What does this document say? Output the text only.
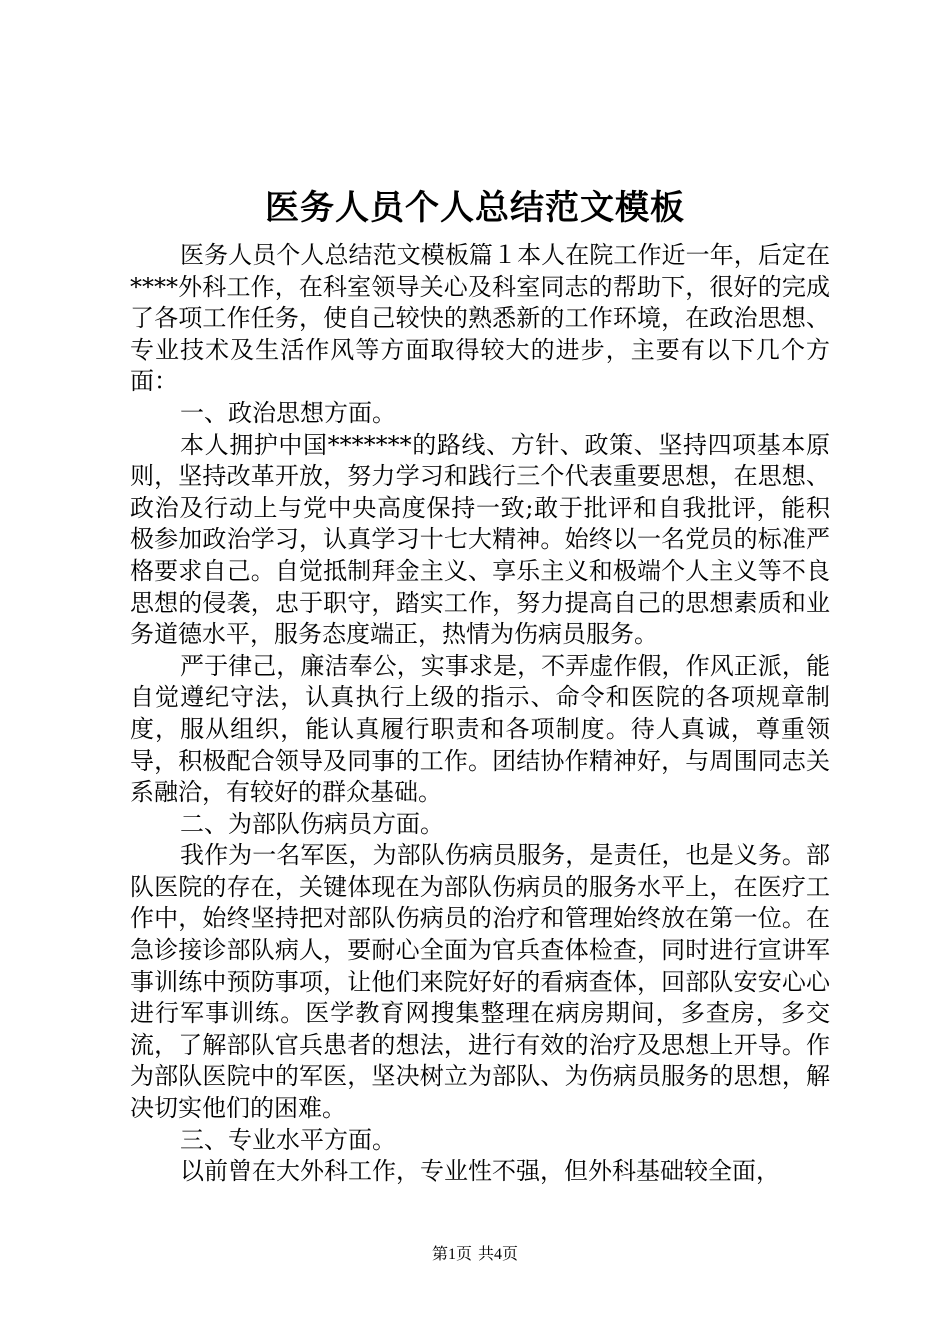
医务人员个人总结范文模板

医务人员个人总结范文模板篇１本人在院工作近一年，后定在****外科工作，在科室领导关心及科室同志的帮助下，很好的完成了各项工作任务，使自己较快的熟悉新的工作环境，在政治思想、专业技术及生活作风等方面取得较大的进步，主要有以下几个方面：

一、政治思想方面。

本人拥护中国*******的路线、方针、政策、坚持四项基本原则，坚持改革开放，努力学习和践行三个代表重要思想，在思想、政治及行动上与党中央高度保持一致;敢于批评和自我批评，能积极参加政治学习，认真学习十七大精神。始终以一名党员的标准严格要求自己。自觉抵制拜金主义、享乐主义和极端个人主义等不良思想的侵袭，忠于职守，踏实工作，努力提高自己的思想素质和业务道德水平，服务态度端正，热情为伤病员服务。

严于律己，廉洁奉公，实事求是，不弄虚作假，作风正派，能自觉遵纪守法，认真执行上级的指示、命令和医院的各项规章制度，服从组织，能认真履行职责和各项制度。待人真诚，尊重领导，积极配合领导及同事的工作。团结协作精神好，与周围同志关系融洽，有较好的群众基础。

二、为部队伤病员方面。

我作为一名军医，为部队伤病员服务，是责任，也是义务。部队医院的存在，关键体现在为部队伤病员的服务水平上，在医疗工作中，始终坚持把对部队伤病员的治疗和管理始终放在第一位。在急诊接诊部队病人，要耐心全面为官兵查体检查，同时进行宣讲军事训练中预防事项，让他们来院好好的看病查体，回部队安安心心进行军事训练。医学教育网搜集整理在病房期间，多查房，多交流，了解部队官兵患者的想法，进行有效的治疗及思想上开导。作为部队医院中的军医，坚决树立为部队、为伤病员服务的思想，解决切实他们的困难。

三、专业水平方面。

以前曾在大外科工作，专业性不强，但外科基础较全面，

第1页 共4页
